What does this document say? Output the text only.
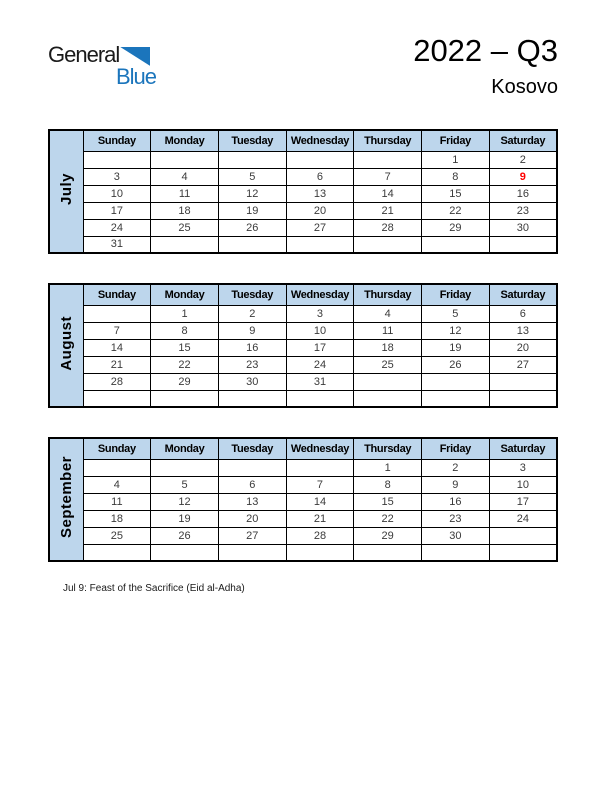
General
Blue
2022 – Q3
Kosovo
July	Sunday	Monday	Tuesday	Wednesday	Thursday	Friday	Saturday
						1	2
	3	4	5	6	7	8	9
	10	11	12	13	14	15	16
	17	18	19	20	21	22	23
	24	25	26	27	28	29	30
	31						
August	Sunday	Monday	Tuesday	Wednesday	Thursday	Friday	Saturday
		1	2	3	4	5	6
	7	8	9	10	11	12	13
	14	15	16	17	18	19	20
	21	22	23	24	25	26	27
	28	29	30	31			

September	Sunday	Monday	Tuesday	Wednesday	Thursday	Friday	Saturday
					1	2	3
	4	5	6	7	8	9	10
	11	12	13	14	15	16	17
	18	19	20	21	22	23	24
	25	26	27	28	29	30	

Jul 9: Feast of the Sacrifice (Eid al-Adha)
